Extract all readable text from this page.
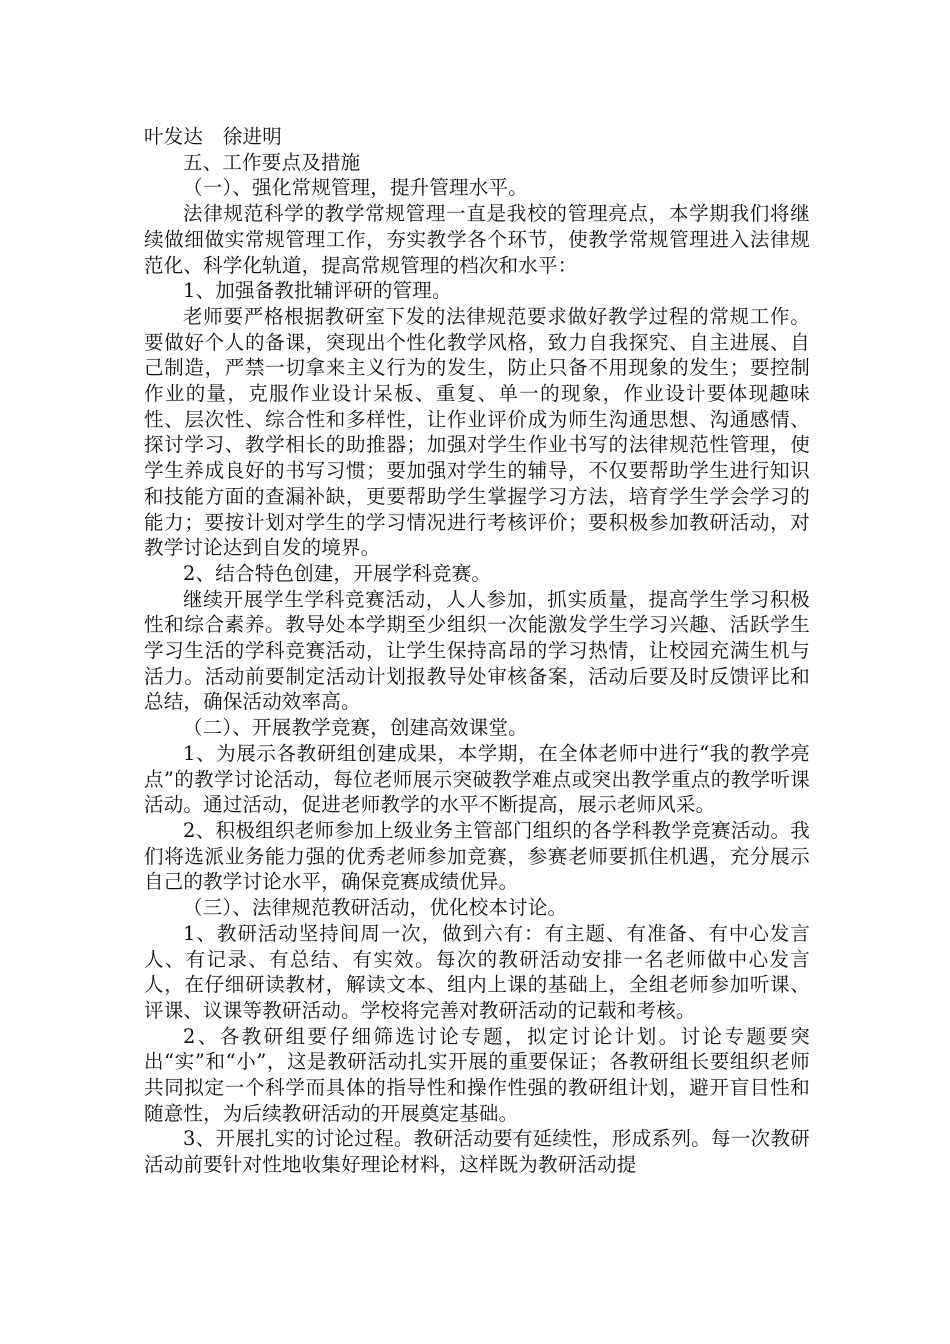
叶发达　徐进明

五、工作要点及措施

（一）、强化常规管理，提升管理水平。

法律规范科学的教学常规管理一直是我校的管理亮点，本学期我们将继续做细做实常规管理工作，夯实教学各个环节，使教学常规管理进入法律规范化、科学化轨道，提高常规管理的档次和水平：

1、加强备教批辅评研的管理。

老师要严格根据教研室下发的法律规范要求做好教学过程的常规工作。要做好个人的备课，突现出个性化教学风格，致力自我探究、自主进展、自己制造，严禁一切拿来主义行为的发生，防止只备不用现象的发生；要控制作业的量，克服作业设计呆板、重复、单一的现象，作业设计要体现趣味性、层次性、综合性和多样性，让作业评价成为师生沟通思想、沟通感情、探讨学习、教学相长的助推器；加强对学生作业书写的法律规范性管理，使学生养成良好的书写习惯；要加强对学生的辅导，不仅要帮助学生进行知识和技能方面的查漏补缺，更要帮助学生掌握学习方法，培育学生学会学习的能力；要按计划对学生的学习情况进行考核评价；要积极参加教研活动，对教学讨论达到自发的境界。

2、结合特色创建，开展学科竞赛。

继续开展学生学科竞赛活动，人人参加，抓实质量，提高学生学习积极性和综合素养。教导处本学期至少组织一次能激发学生学习兴趣、活跃学生学习生活的学科竞赛活动，让学生保持高昂的学习热情，让校园充满生机与活力。活动前要制定活动计划报教导处审核备案，活动后要及时反馈评比和总结，确保活动效率高。

（二）、开展教学竞赛，创建高效课堂。

1、为展示各教研组创建成果，本学期，在全体老师中进行“我的教学亮点”的教学讨论活动，每位老师展示突破教学难点或突出教学重点的教学听课活动。通过活动，促进老师教学的水平不断提高，展示老师风采。

2、积极组织老师参加上级业务主管部门组织的各学科教学竞赛活动。我们将选派业务能力强的优秀老师参加竞赛，参赛老师要抓住机遇，充分展示自己的教学讨论水平，确保竞赛成绩优异。

（三）、法律规范教研活动，优化校本讨论。

1、教研活动坚持间周一次，做到六有：有主题、有准备、有中心发言人、有记录、有总结、有实效。每次的教研活动安排一名老师做中心发言人，在仔细研读教材，解读文本、组内上课的基础上，全组老师参加听课、评课、议课等教研活动。学校将完善对教研活动的记载和考核。

2、各教研组要仔细筛选讨论专题，拟定讨论计划。讨论专题要突出“实”和“小”，这是教研活动扎实开展的重要保证；各教研组长要组织老师共同拟定一个科学而具体的指导性和操作性强的教研组计划，避开盲目性和随意性，为后续教研活动的开展奠定基础。

3、开展扎实的讨论过程。教研活动要有延续性，形成系列。每一次教研活动前要针对性地收集好理论材料，这样既为教研活动提
